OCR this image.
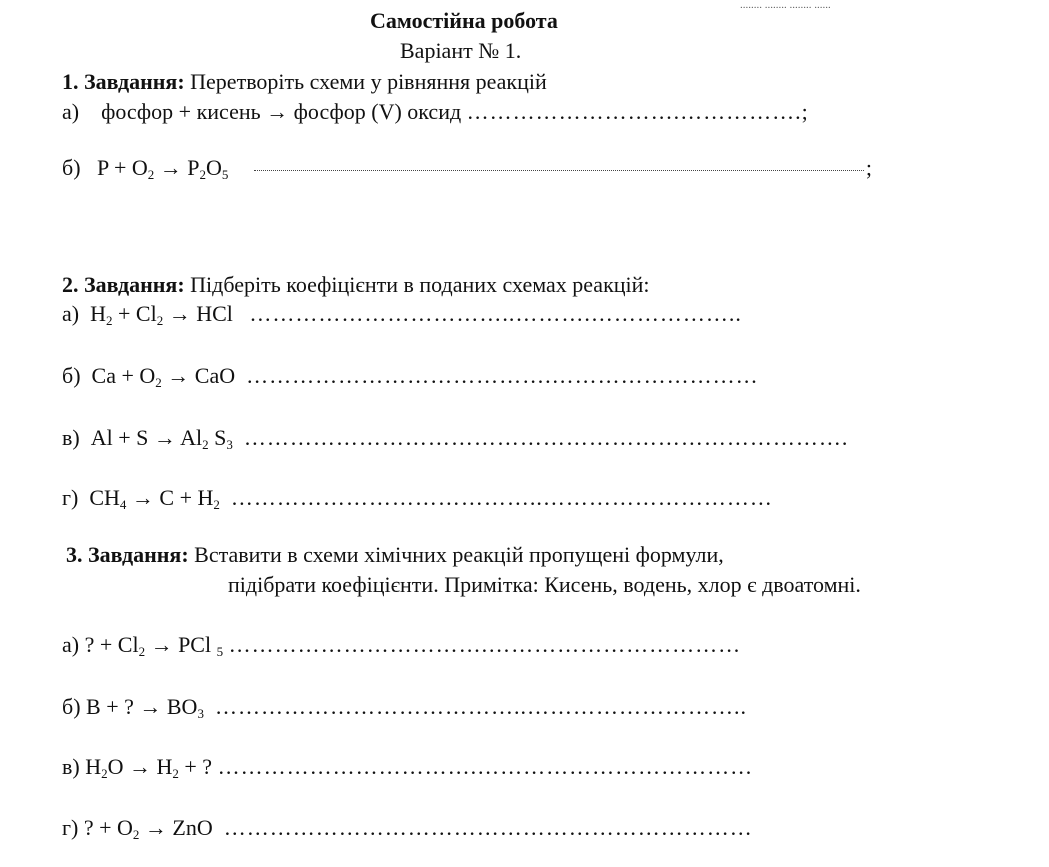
........ ........ ........ ......
Самостійна робота
Варіант № 1.
1. Завдання: Перетворіть схеми у рівняння реакцій
а) фосфор + кисень → фосфор (V) оксид ……………………….…………….;
б) $P + O_2 \to P_2O_5$	;
2. Завдання: Підберіть коефіцієнти в поданих схемах реакцій:
а) $H_2 + Cl_2$ → HCl ……………………………..……….………………..
б) $Ca + O_2$ → CaO ………………………………….………………………
в) $Al + S \to Al_2$ $S_3$ …………………………………………………………………….
г) $CH_4 \to C + H_2$ …………………………………..…………………………
3. Завдання: Вставити в схеми хімічних реакцій пропущені формули,
підібрати коефіцієнти. Примітка: Кисень, водень, хлор є двоатомні.
а) ? + $Cl_2$ → PCl $_5$ …………………………….……………………………
б) B + ? → $BO_3$ …………………………………..………………………..
в) $H_2O \to H_2$ + ? …………………………….………………………………
г) ? + $O_2$ → ZnO ……………………………………………………………
